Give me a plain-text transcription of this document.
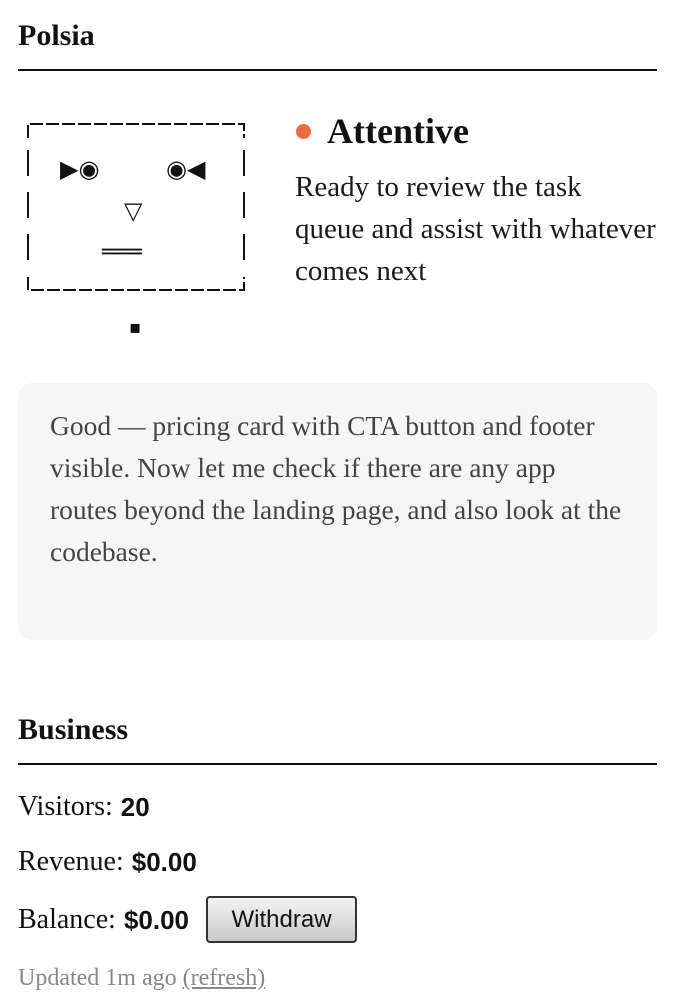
Polsia
▶◉	◉◀
▽
═══
▪
Attentive
Ready to review the task queue and assist with whatever comes next
Good — pricing card with CTA button and footer visible. Now let me check if there are any app routes beyond the landing page, and also look at the codebase.
Business
Visitors: 20
Revenue: $0.00
Balance: $0.00	Withdraw
Updated 1m ago (refresh)
